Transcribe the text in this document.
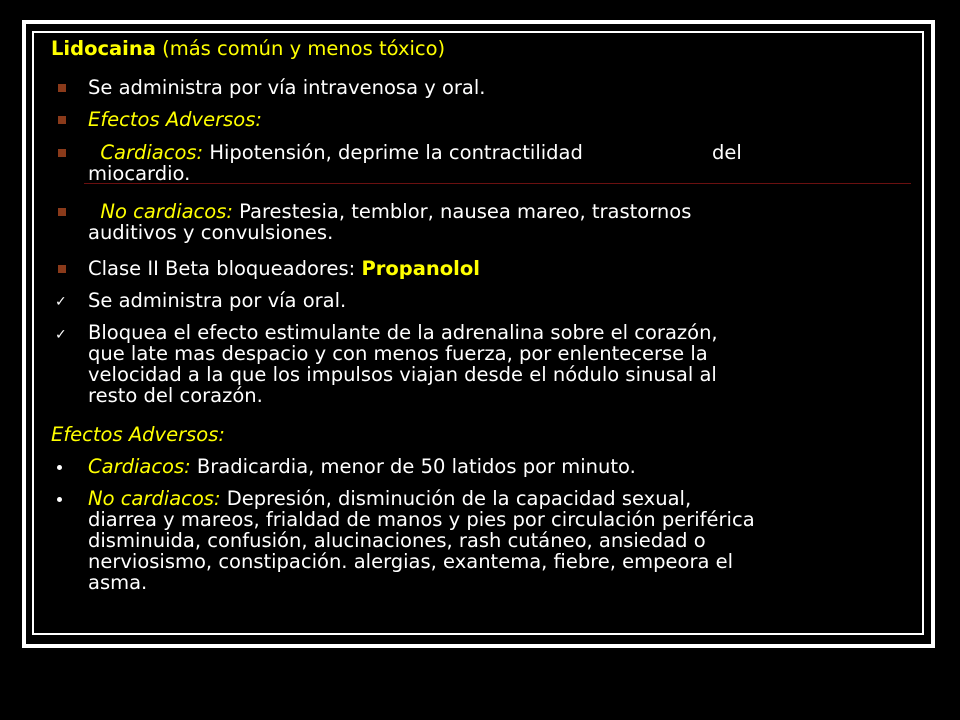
Lidocaina (más común y menos tóxico)
Se administra por vía intravenosa y oral.
Efectos Adversos:
Cardiacos: Hipotensión, deprime la contractilidad	del
miocardio.
No cardiacos: Parestesia, temblor, nausea mareo, trastornos
auditivos y convulsiones.
Clase II Beta bloqueadores: Propanolol
✓ Se administra por vía oral.
✓ Bloquea el efecto estimulante de la adrenalina sobre el corazón,
que late mas despacio y con menos fuerza, por enlentecerse la
velocidad a la que los impulsos viajan desde el nódulo sinusal al
resto del corazón.
Efectos Adversos:
Cardiacos: Bradicardia, menor de 50 latidos por minuto.
No cardiacos: Depresión, disminución de la capacidad sexual,
diarrea y mareos, frialdad de manos y pies por circulación periférica
disminuida, confusión, alucinaciones, rash cutáneo, ansiedad o
nerviosismo, constipación. alergias, exantema, fiebre, empeora el
asma.
